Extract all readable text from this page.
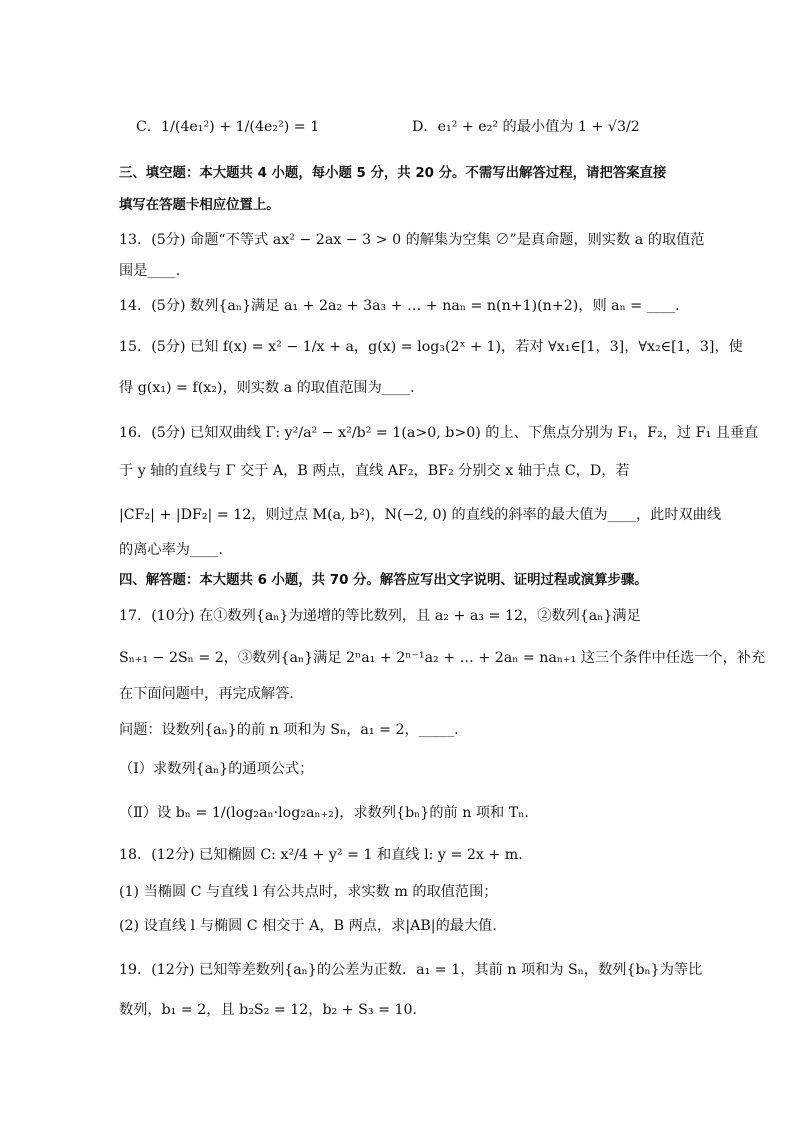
C．1/(4e₁²) + 1/(4e₂²) = 1	D．e₁² + e₂² 的最小值为 1 + √3/2
三、填空题：本大题共 4 小题，每小题 5 分，共 20 分。不需写出解答过程，请把答案直接
填写在答题卡相应位置上。
13．(5分) 命题“不等式 ax² − 2ax − 3 > 0 的解集为空集 ∅”是真命题，则实数 a 的取值范
围是____.
14．(5分) 数列{aₙ}满足 a₁ + 2a₂ + 3a₃ + … + naₙ = n(n+1)(n+2)，则 aₙ = ____.
15．(5分) 已知 f(x) = x² − 1/x + a，g(x) = log₃(2ˣ + 1)，若对 ∀x₁∈[1，3]，∀x₂∈[1，3]，使
得 g(x₁) = f(x₂)，则实数 a 的取值范围为____.
16．(5分) 已知双曲线 Γ: y²/a² − x²/b² = 1(a>0, b>0) 的上、下焦点分别为 F₁，F₂，过 F₁ 且垂直
于 y 轴的直线与 Γ 交于 A，B 两点，直线 AF₂，BF₂ 分别交 x 轴于点 C，D，若
|CF₂| + |DF₂| = 12，则过点 M(a, b²)，N(−2, 0) 的直线的斜率的最大值为____，此时双曲线
的离心率为____.
四、解答题：本大题共 6 小题，共 70 分。解答应写出文字说明、证明过程或演算步骤。
17．(10分) 在①数列{aₙ}为递增的等比数列，且 a₂ + a₃ = 12，②数列{aₙ}满足
Sₙ₊₁ − 2Sₙ = 2，③数列{aₙ}满足 2ⁿa₁ + 2ⁿ⁻¹a₂ + … + 2aₙ = naₙ₊₁ 这三个条件中任选一个，补充
在下面问题中，再完成解答.
问题：设数列{aₙ}的前 n 项和为 Sₙ，a₁ = 2，_____.
（Ⅰ）求数列{aₙ}的通项公式；
（Ⅱ）设 bₙ = 1/(log₂aₙ·log₂aₙ₊₂)，求数列{bₙ}的前 n 项和 Tₙ.
18．(12分) 已知椭圆 C: x²/4 + y² = 1 和直线 l: y = 2x + m.
(1) 当椭圆 C 与直线 l 有公共点时，求实数 m 的取值范围；
(2) 设直线 l 与椭圆 C 相交于 A，B 两点，求|AB|的最大值.
19．(12分) 已知等差数列{aₙ}的公差为正数．a₁ = 1，其前 n 项和为 Sₙ，数列{bₙ}为等比
数列，b₁ = 2，且 b₂S₂ = 12，b₂ + S₃ = 10.
